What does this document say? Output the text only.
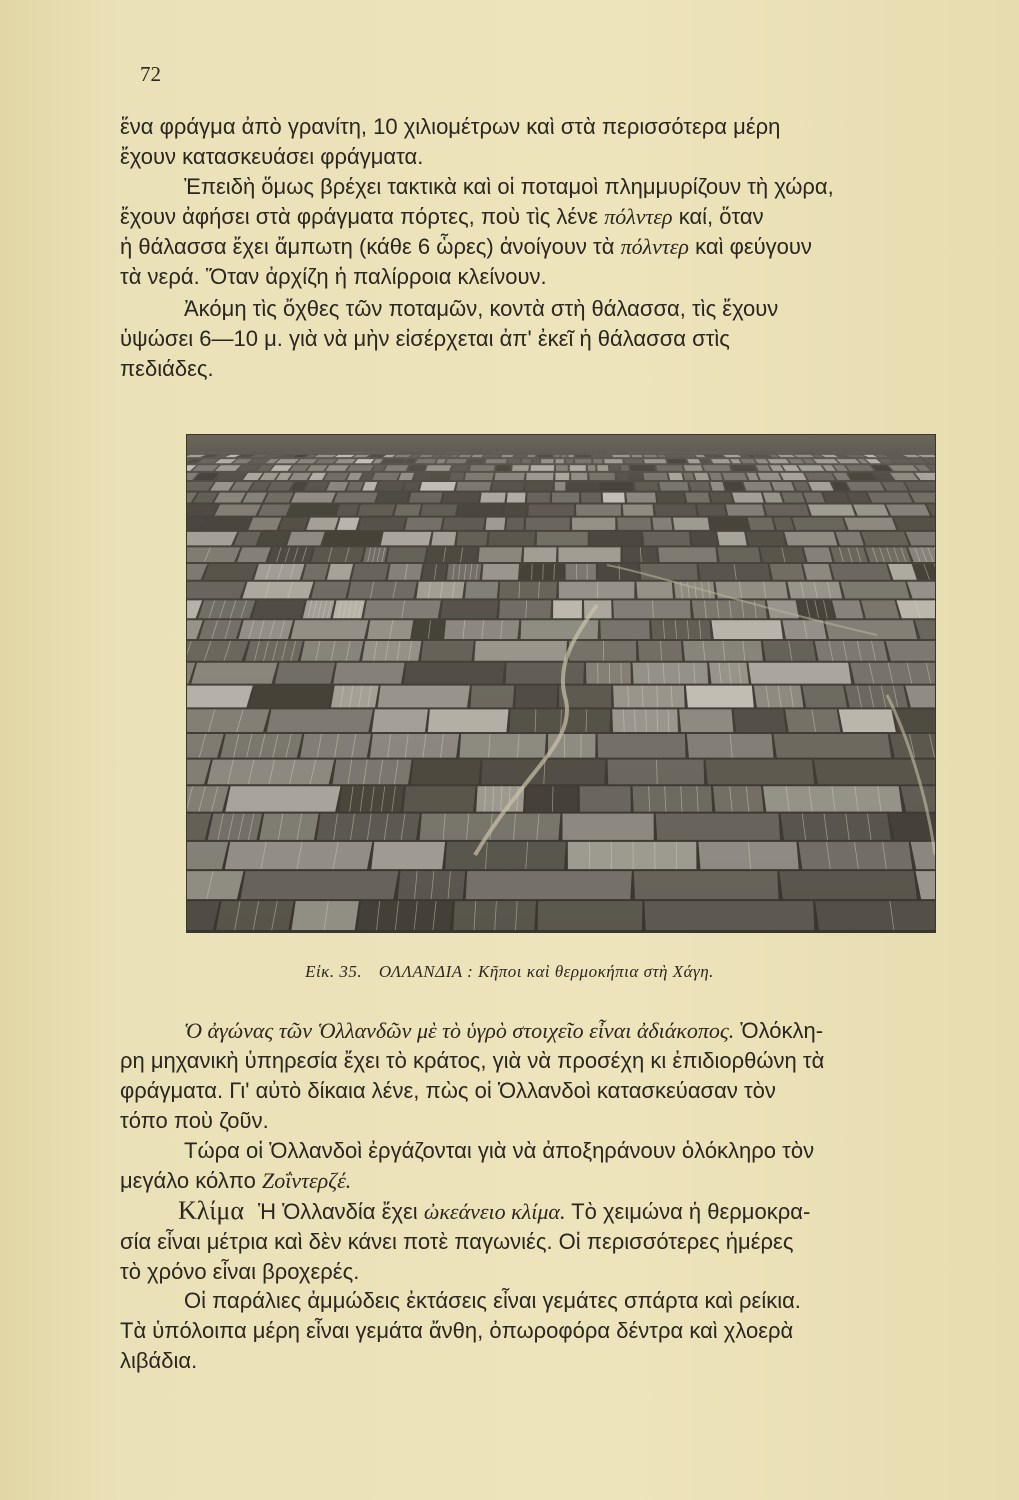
72
ἕνα φράγμα ἀπὸ γρανίτη, 10 χιλιομέτρων καὶ στὰ περισσότερα μέρη
ἔχουν κατασκευάσει φράγματα.
Ἐπειδὴ ὅμως βρέχει τακτικὰ καὶ οἱ ποταμοὶ πλημμυρίζουν τὴ χώρα,
ἔχουν ἀφήσει στὰ φράγματα πόρτες, ποὺ τὶς λένε πόλντερ καί, ὅταν
ἡ θάλασσα ἔχει ἄμπωτη (κάθε 6 ὧρες) ἀνοίγουν τὰ πόλντερ καὶ φεύγουν
τὰ νερά. Ὅταν ἀρχίζη ἡ παλίρροια κλείνουν.
Ἀκόμη τὶς ὄχθες τῶν ποταμῶν, κοντὰ στὴ θάλασσα, τὶς ἔχουν
ὑψώσει 6—10 μ. γιὰ νὰ μὴν εἰσέρχεται ἀπ' ἐκεῖ ἡ θάλασσα στὶς
πεδιάδες.
Εἰκ. 35. ΟΛΛΑΝΔΙΑ : Κῆποι καὶ θερμοκήπια στὴ Χάγη.
Ὁ ἀγώνας τῶν Ὁλλανδῶν μὲ τὸ ὑγρὸ στοιχεῖο εἶναι ἀδιάκοπος. Ὁλόκλη-
ρη μηχανικὴ ὑπηρεσία ἔχει τὸ κράτος, γιὰ νὰ προσέχη κι ἐπιδιορθώνη τὰ
φράγματα. Γι' αὐτὸ δίκαια λένε, πὼς οἱ Ὁλλανδοὶ κατασκεύασαν τὸν
τόπο ποὺ ζοῦν.
Τώρα οἱ Ὁλλανδοὶ ἐργάζονται γιὰ νὰ ἀποξηράνουν ὁλόκληρο τὸν
μεγάλο κόλπο Ζοΐντερζέ.
Κλίμα Ἡ Ὁλλανδία ἔχει ὠκεάνειο κλίμα. Τὸ χειμώνα ἡ θερμοκρα-
σία εἶναι μέτρια καὶ δὲν κάνει ποτὲ παγωνιές. Οἱ περισσότερες ἡμέρες
τὸ χρόνο εἶναι βροχερές.
Οἱ παράλιες ἀμμώδεις ἐκτάσεις εἶναι γεμάτες σπάρτα καὶ ρείκια.
Τὰ ὑπόλοιπα μέρη εἶναι γεμάτα ἄνθη, ὀπωροφόρα δέντρα καὶ χλοερὰ
λιβάδια.
